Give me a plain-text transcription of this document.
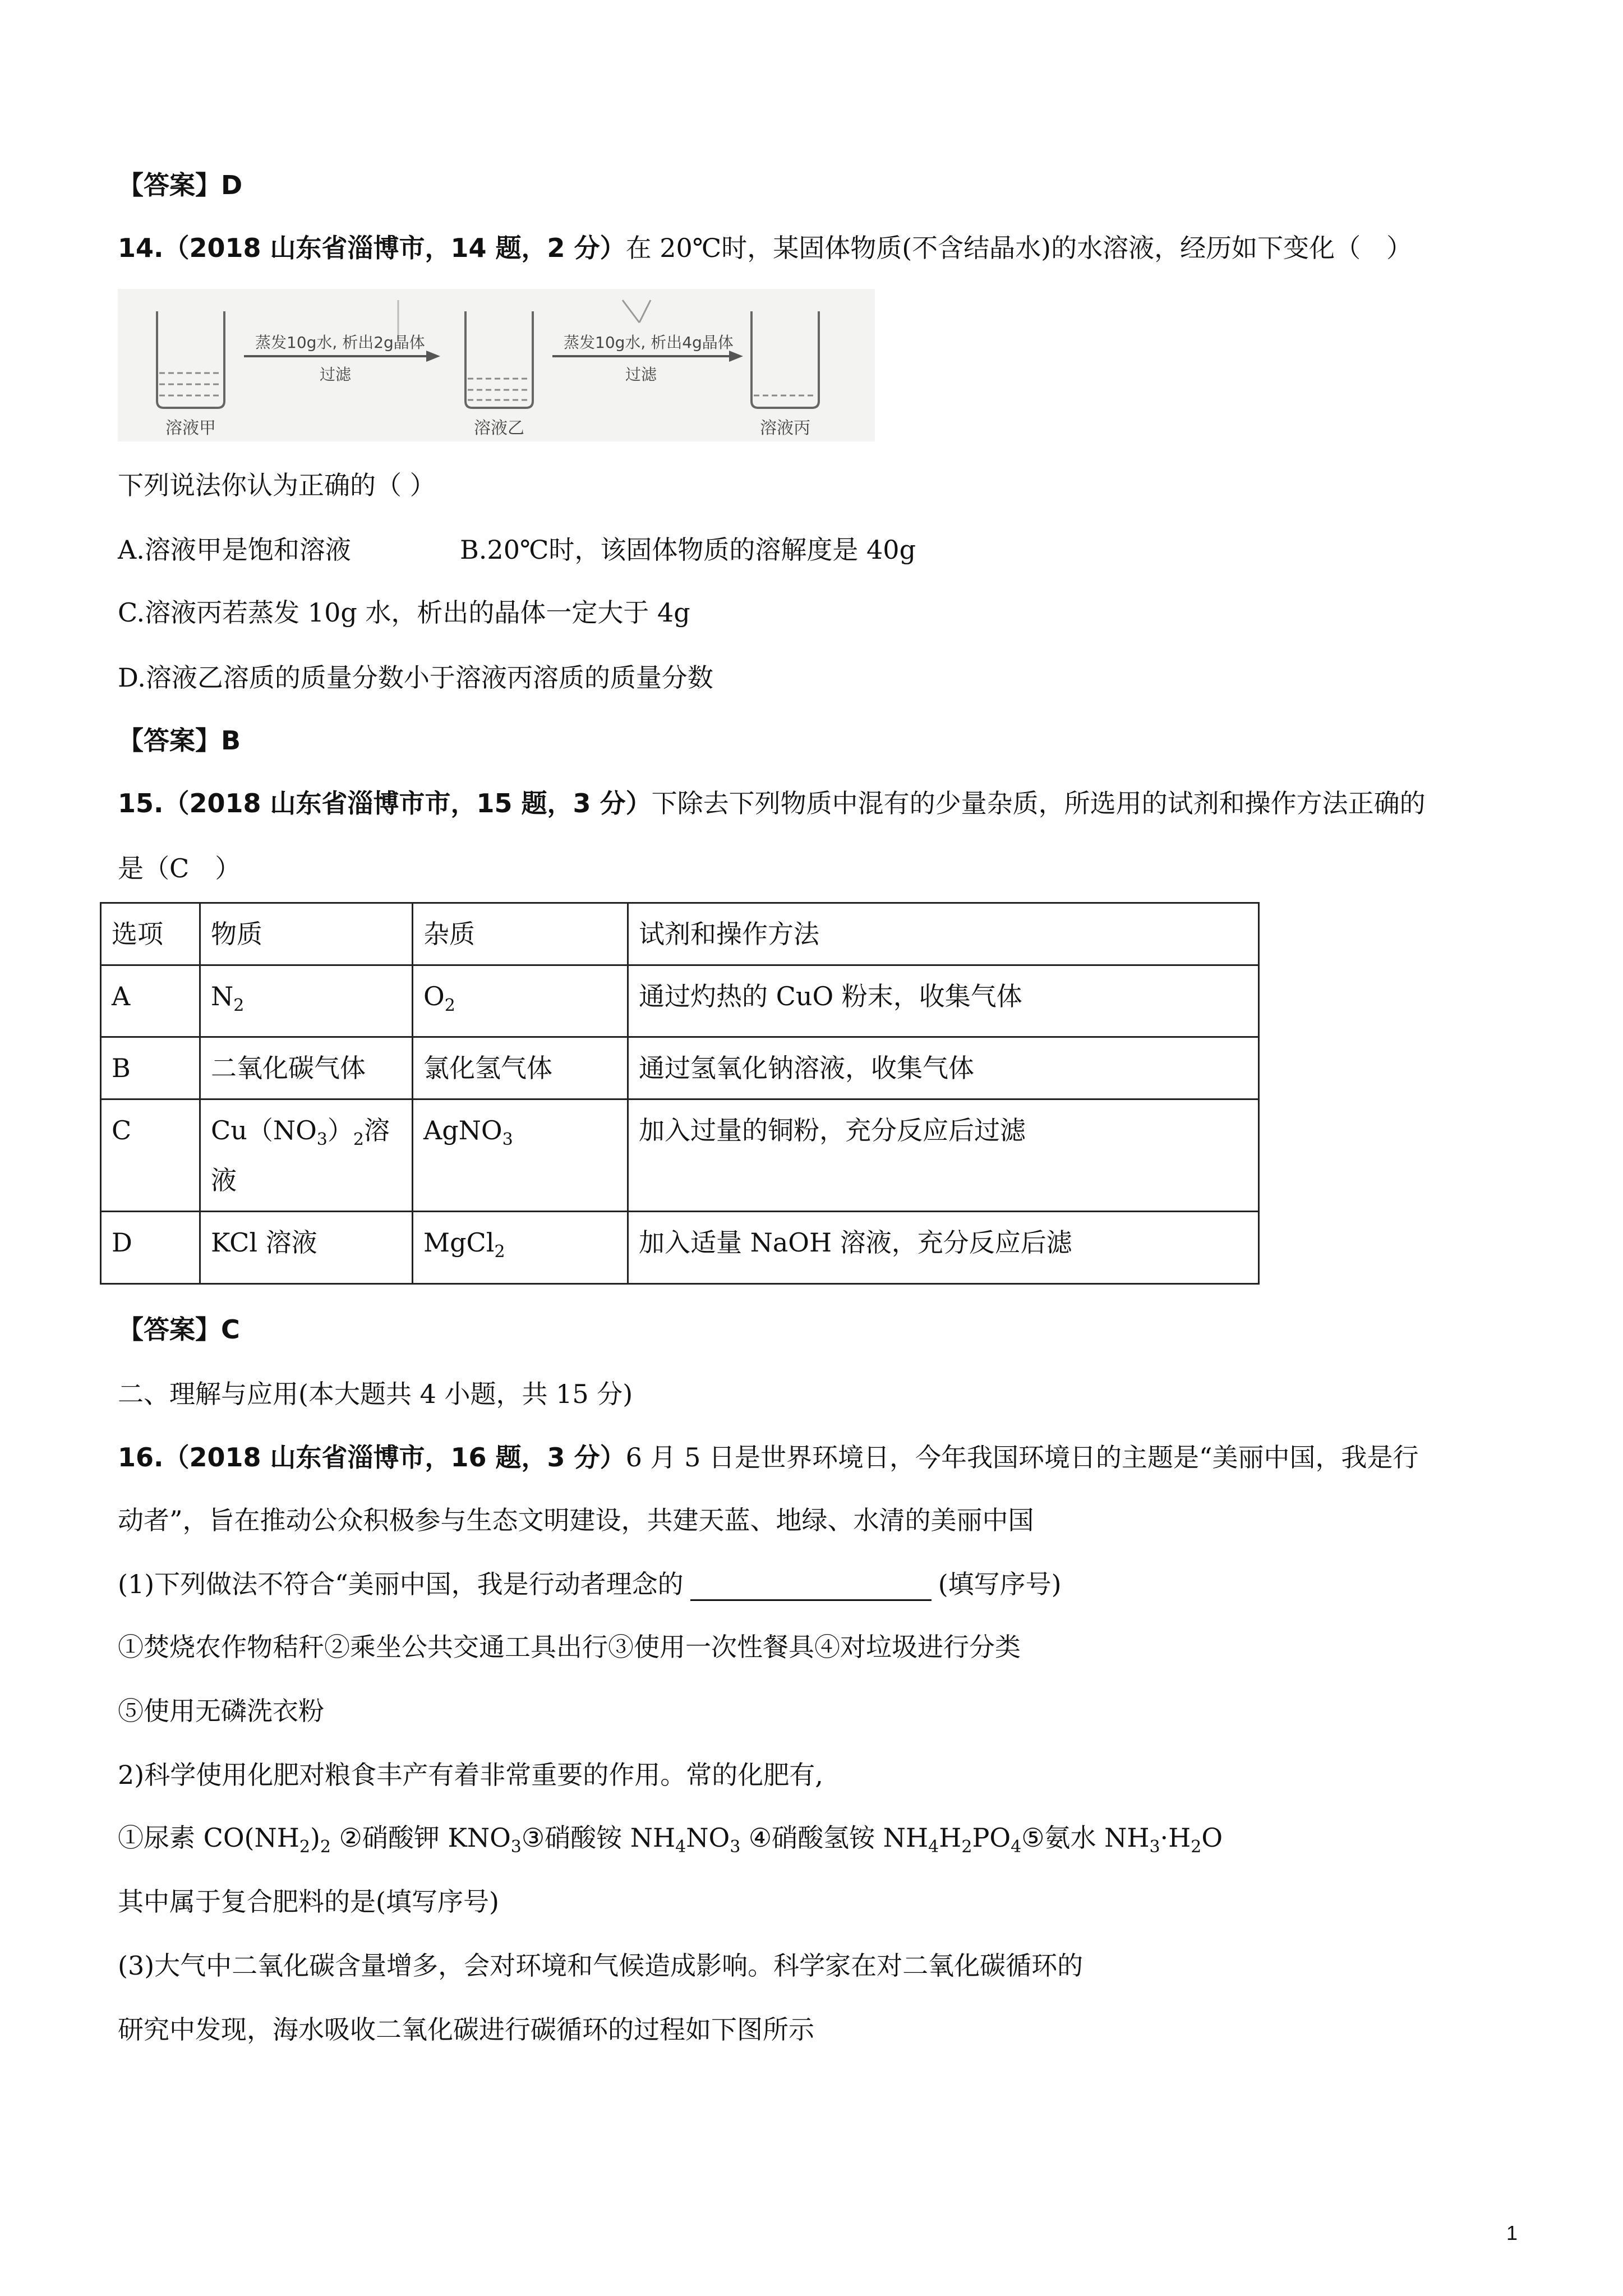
【答案】D
14.（2018 山东省淄博市，14 题，2 分）在 20℃时，某固体物质(不含结晶水)的水溶液，经历如下变化（　）
蒸发10g水, 析出2g晶体
过滤
蒸发10g水, 析出4g晶体
过滤
溶液甲	溶液乙	溶液丙
下列说法你认为正确的（ ）
A.溶液甲是饱和溶液	B.20℃时，该固体物质的溶解度是 40g
C.溶液丙若蒸发 10g 水，析出的晶体一定大于 4g
D.溶液乙溶质的质量分数小于溶液丙溶质的质量分数
【答案】B
15.（2018 山东省淄博市市，15 题，3 分）下除去下列物质中混有的少量杂质，所选用的试剂和操作方法正确的
是（C　）
选项	物质	杂质	试剂和操作方法
A	$N_2$	$O_2$	通过灼热的 CuO 粉末，收集气体
B	二氧化碳气体	氯化氢气体	通过氢氧化钠溶液，收集气体
C	$Cu(NO_3)_2$溶
液	AgNO$_3$	加入过量的铜粉，充分反应后过滤
D	KCl 溶液	MgCl$_2$	加入适量 NaOH 溶液，充分反应后滤
【答案】C
二、理解与应用(本大题共 4 小题，共 15 分)
16.（2018 山东省淄博市，16 题，3 分）6 月 5 日是世界环境日，今年我国环境日的主题是“美丽中国，我是行
动者”，旨在推动公众积极参与生态文明建设，共建天蓝、地绿、水清的美丽中国
(1)下列做法不符合“美丽中国，我是行动者理念的	(填写序号)
①焚烧农作物秸秆②乘坐公共交通工具出行③使用一次性餐具④对垃圾进行分类
⑤使用无磷洗衣粉
2)科学使用化肥对粮食丰产有着非常重要的作用。常的化肥有,
①尿素 $CO(NH_2)_2$ ②硝酸钾 $KNO_3③$硝酸铵 $NH_4NO_3$ ④硝酸氢铵 $NH_4H_2PO_4⑤$氨水 $NH_3\cdot H_2O$
其中属于复合肥料的是(填写序号)
(3)大气中二氧化碳含量增多，会对环境和气候造成影响。科学家在对二氧化碳循环的
研究中发现，海水吸收二氧化碳进行碳循环的过程如下图所示
1
